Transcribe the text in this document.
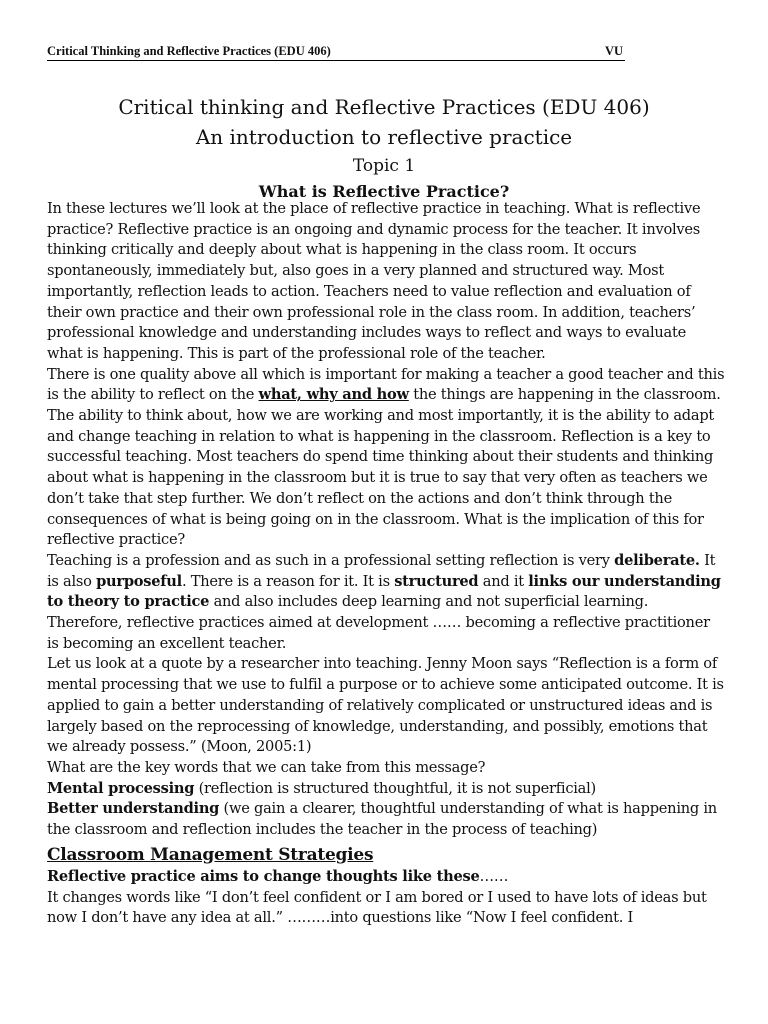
Critical Thinking and Reflective Practices (EDU 406)	VU
Critical thinking and Reflective Practices (EDU 406)
An introduction to reflective practice
Topic 1
What is Reflective Practice?

In these lectures we’ll look at the place of reflective practice in teaching. What is reflective practice? Reflective practice is an ongoing and dynamic process for the teacher. It involves thinking critically and deeply about what is happening in the class room. It occurs spontaneously, immediately but, also goes in a very planned and structured way. Most importantly, reflection leads to action. Teachers need to value reflection and evaluation of their own practice and their own professional role in the class room. In addition, teachers’ professional knowledge and understanding includes ways to reflect and ways to evaluate what is happening. This is part of the professional role of the teacher.

There is one quality above all which is important for making a teacher a good teacher and this is the ability to reflect on the what, why and how the things are happening in the classroom. The ability to think about, how we are working and most importantly, it is the ability to adapt and change teaching in relation to what is happening in the classroom. Reflection is a key to successful teaching. Most teachers do spend time thinking about their students and thinking about what is happening in the classroom but it is true to say that very often as teachers we don’t take that step further. We don’t reflect on the actions and don’t think through the consequences of what is being going on in the classroom. What is the implication of this for reflective practice?

Teaching is a profession and as such in a professional setting reflection is very deliberate. It is also purposeful. There is a reason for it. It is structured and it links our understanding to theory to practice and also includes deep learning and not superficial learning. Therefore, reflective practices aimed at development …… becoming a reflective practitioner is becoming an excellent teacher.

Let us look at a quote by a researcher into teaching. Jenny Moon says “Reflection is a form of mental processing that we use to fulfil a purpose or to achieve some anticipated outcome. It is applied to gain a better understanding of relatively complicated or unstructured ideas and is largely based on the reprocessing of knowledge, understanding, and possibly, emotions that we already possess.” (Moon, 2005:1)

What are the key words that we can take from this message?

Mental processing (reflection is structured thoughtful, it is not superficial)

Better understanding (we gain a clearer, thoughtful understanding of what is happening in the classroom and reflection includes the teacher in the process of teaching)

Classroom Management Strategies

Reflective practice aims to change thoughts like these……

It changes words like “I don’t feel confident or I am bored or I used to have lots of ideas but now I don’t have any idea at all.” ………into questions like “Now I feel confident. I
